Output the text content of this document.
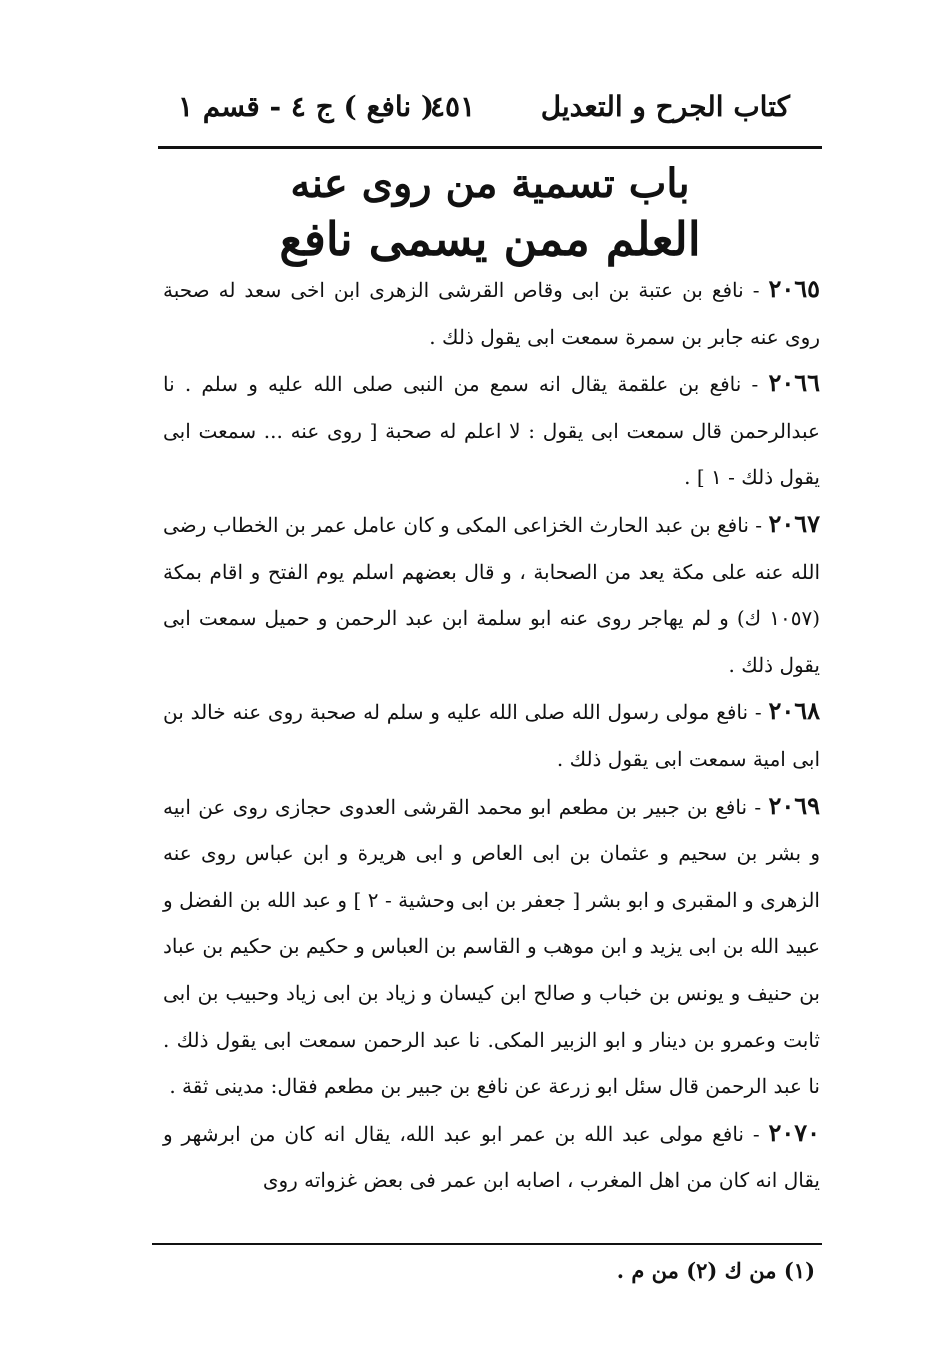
كتاب الجرح و التعديل
٤٥١
( نافع ) ج ٤ - قسم ١
باب تسمية من روى عنه
العلم ممن يسمى نافع

٢٠٦٥ - نافع بن عتبة بن ابى وقاص القرشى الزهرى ابن اخى سعد له صحبة روى عنه جابر بن سمرة سمعت ابى يقول ذلك .

٢٠٦٦ - نافع بن علقمة يقال انه سمع من النبى صلى الله عليه و سلم . نا عبدالرحمن قال سمعت ابى يقول : لا اعلم له صحبة [ روى عنه ... سمعت ابى يقول ذلك - ١ ] .

٢٠٦٧ - نافع بن عبد الحارث الخزاعى المكى و كان عامل عمر بن الخطاب رضى الله عنه على مكة يعد من الصحابة ، و قال بعضهم اسلم يوم الفتح و اقام بمكة (١٠٥٧ ك) و لم يهاجر روى عنه ابو سلمة ابن عبد الرحمن و حميل سمعت ابى يقول ذلك .

٢٠٦٨ - نافع مولى رسول الله صلى الله عليه و سلم له صحبة روى عنه خالد بن ابى امية سمعت ابى يقول ذلك .

٢٠٦٩ - نافع بن جبير بن مطعم ابو محمد القرشى العدوى حجازى روى عن ابيه و بشر بن سحيم و عثمان بن ابى العاص و ابى هريرة و ابن عباس روى عنه الزهرى و المقبرى و ابو بشر [ جعفر بن ابى وحشية - ٢ ] و عبد الله بن الفضل و عبيد الله بن ابى يزيد و ابن موهب و القاسم بن العباس و حكيم بن حكيم بن عباد بن حنيف و يونس بن خباب و صالح ابن كيسان و زياد بن ابى زياد وحبيب بن ابى ثابت وعمرو بن دينار و ابو الزبير المكى. نا عبد الرحمن سمعت ابى يقول ذلك . نا عبد الرحمن قال سئل ابو زرعة عن نافع بن جبير بن مطعم فقال: مدينى ثقة .

٢٠٧٠ - نافع مولى عبد الله بن عمر ابو عبد الله، يقال انه كان من ابرشهر و يقال انه كان من اهل المغرب ، اصابه ابن عمر فى بعض غزواته روى

(١) من ك (٢) من م .
